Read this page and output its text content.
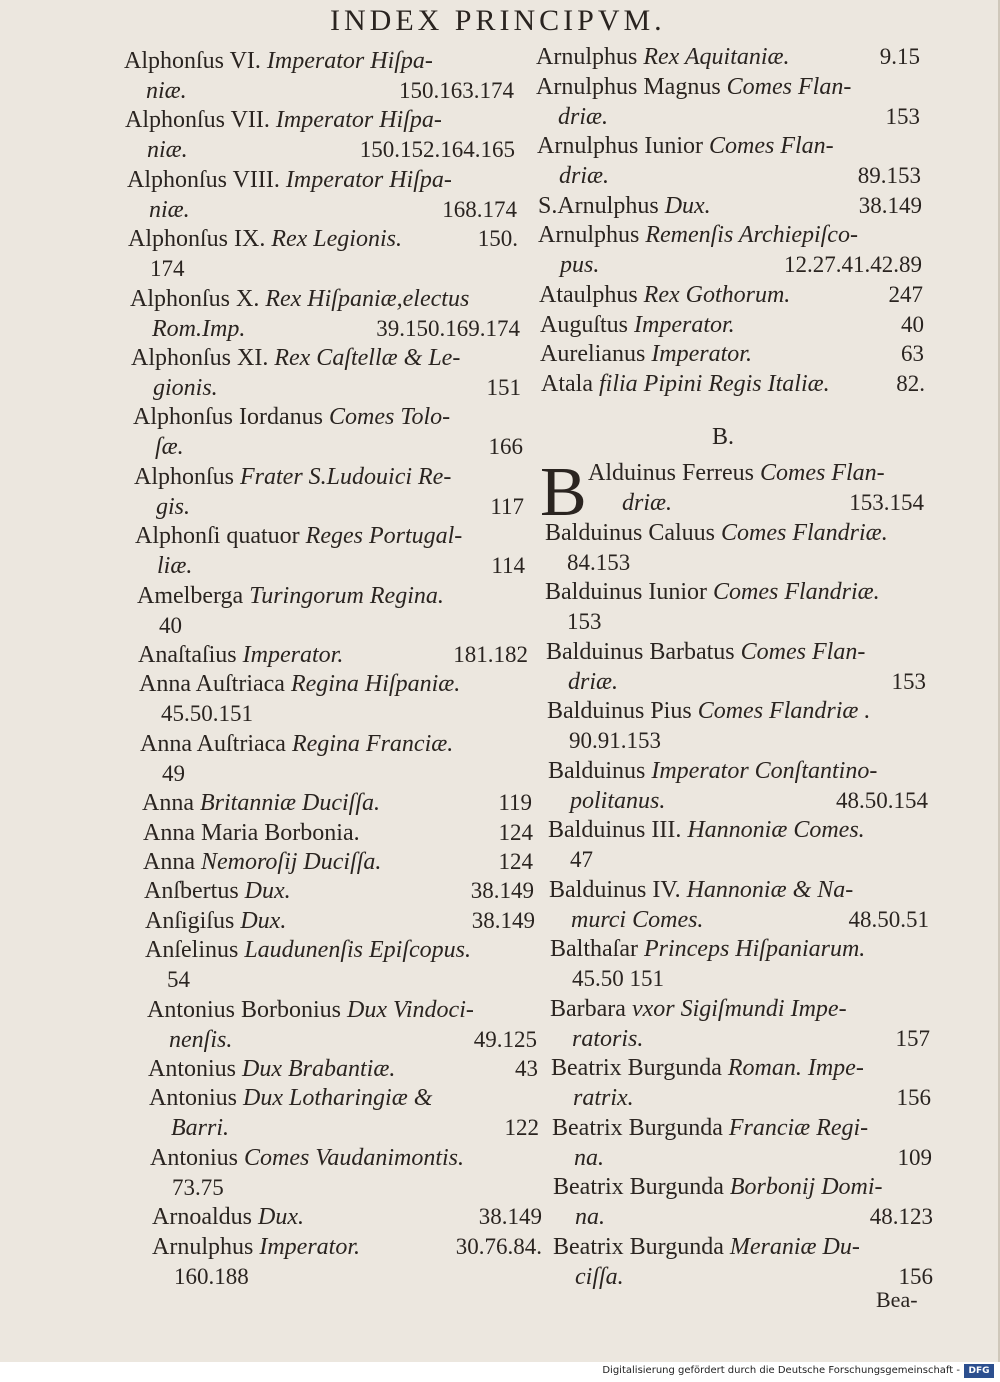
INDEX PRINCIPVM.
Alphonſus VI. Imperator Hiſpa-
niæ.	150.163.174
Alphonſus VII. Imperator Hiſpa-
niæ.	150.152.164.165
Alphonſus VIII. Imperator Hiſpa-
niæ.	168.174
Alphonſus IX. Rex Legionis.	150.
174
Alphonſus X. Rex Hiſpaniæ,electus
Rom.Imp.	39.150.169.174
Alphonſus XI. Rex Caſtellæ & Le-
gionis.	151
Alphonſus Iordanus Comes Tolo-
ſæ.	166
Alphonſus Frater S.Ludouici Re-
gis.	117
Alphonſi quatuor Reges Portugal-
liæ.	114
Amelberga Turingorum Regina.
40
Anaſtaſius Imperator.	181.182
Anna Auſtriaca Regina Hiſpaniæ.
45.50.151
Anna Auſtriaca Regina Franciæ.
49
Anna Britanniæ Duciſſa.	119
Anna Maria Borbonia.	124
Anna Nemoroſij Duciſſa.	124
Anſbertus Dux.	38.149
Anſigiſus Dux.	38.149
Anſelinus Laudunenſis Epiſcopus.
54
Antonius Borbonius Dux Vindoci-
nenſis.	49.125
Antonius Dux Brabantiæ.	43
Antonius Dux Lotharingiæ &
Barri.	122
Antonius Comes Vaudanimontis.
73.75
Arnoaldus Dux.	38.149
Arnulphus Imperator.	30.76.84.
160.188
Arnulphus Rex Aquitaniæ.	9.15
Arnulphus Magnus Comes Flan-
driæ.	153
Arnulphus Iunior Comes Flan-
driæ.	89.153
S.Arnulphus Dux.	38.149
Arnulphus Remenſis Archiepiſco-
pus.	12.27.41.42.89
Ataulphus Rex Gothorum.	247
Auguſtus Imperator.	40
Aurelianus Imperator.	63
Atala filia Pipini Regis Italiæ.	82.
Alduinus Ferreus Comes Flan-
driæ.	153.154
Balduinus Caluus Comes Flandriæ.
84.153
Balduinus Iunior Comes Flandriæ.
153
Balduinus Barbatus Comes Flan-
driæ.	153
Balduinus Pius Comes Flandriæ .
90.91.153
Balduinus Imperator Conſtantino-
politanus.	48.50.154
Balduinus III. Hannoniæ Comes.
47
Balduinus IV. Hannoniæ & Na-
murci Comes.	48.50.51
Balthaſar Princeps Hiſpaniarum.
45.50 151
Barbara vxor Sigiſmundi Impe-
ratoris.	157
Beatrix Burgunda Roman. Impe-
ratrix.	156
Beatrix Burgunda Franciæ Regi-
na.	109
Beatrix Burgunda Borbonij Domi-
na.	48.123
Beatrix Burgunda Meraniæ Du-
ciſſa.	156
B.
B
Bea-
Digitalisierung gefördert durch die Deutsche Forschungsgemeinschaft - DFG
